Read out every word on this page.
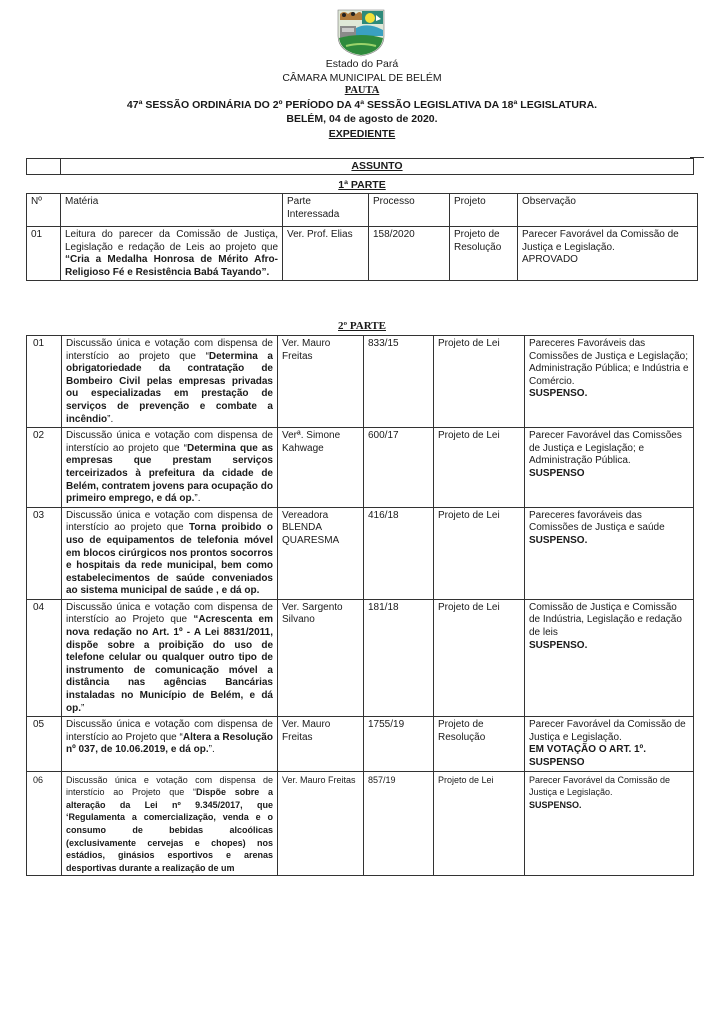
Estado do Pará
CÂMARA MUNICIPAL DE BELÉM
PAUTA
47ª SESSÃO ORDINÁRIA DO 2º PERÍODO DA 4ª SESSÃO LEGISLATIVA DA 18ª LEGISLATURA.
BELÉM, 04 de agosto de 2020.
EXPEDIENTE
	ASSUNTO
1ª PARTE
Nº	Matéria	Parte Interessada	Processo	Projeto	Observação
01	Leitura do parecer da Comissão de Justiça, Legislação e redação de Leis ao projeto que “Cria a Medalha Honrosa de Mérito Afro-Religioso Fé e Resistência Babá Tayando”.	Ver. Prof. Elias	158/2020	Projeto de Resolução	Parecer Favorável da Comissão de Justiça e Legislação.
APROVADO
2º PARTE
01	Discussão única e votação com dispensa de interstício ao projeto que “Determina a obrigatoriedade da contratação de Bombeiro Civil pelas empresas privadas ou especializadas em prestação de serviços de prevenção e combate a incêndio”.	Ver. Mauro Freitas	833/15	Projeto de Lei	Pareceres Favoráveis das Comissões de Justiça e Legislação; Administração Pública; e Indústria e Comércio.
SUSPENSO.
02	Discussão única e votação com dispensa de interstício ao projeto que “Determina que as empresas que prestam serviços terceirizados à prefeitura da cidade de Belém, contratem jovens para ocupação do primeiro emprego, e dá op.”.	Verª. Simone Kahwage	600/17	Projeto de Lei	Parecer Favorável das Comissões de Justiça e Legislação; e Administração Pública.
SUSPENSO
03	Discussão única e votação com dispensa de interstício ao projeto que Torna proibido o uso de equipamentos de telefonia móvel em blocos cirúrgicos nos prontos socorros e hospitais da rede municipal, bem como estabelecimentos de saúde conveniados ao sistema municipal de saúde , e dá op.	Vereadora BLENDA QUARESMA	416/18	Projeto de Lei	Pareceres favoráveis das Comissões de Justiça e saúde
SUSPENSO.
04	Discussão única e votação com dispensa de interstício ao Projeto que “Acrescenta em nova redação no Art. 1º - A Lei 8831/2011, dispõe sobre a proibição do uso de telefone celular ou qualquer outro tipo de instrumento de comunicação móvel a distância nas agências Bancárias instaladas no Município de Belém, e dá op.”	Ver. Sargento Silvano	181/18	Projeto de Lei	Comissão de Justiça e Comissão de Indústria, Legislação e redação de leis
SUSPENSO.
05	Discussão única e votação com dispensa de interstício ao Projeto que “Altera a Resolução nº 037, de 10.06.2019, e dá op.”.	Ver. Mauro Freitas	1755/19	Projeto de Resolução	Parecer Favorável da Comissão de Justiça e Legislação.
EM VOTAÇÃO O ART. 1º.
SUSPENSO
06	Discussão única e votação com dispensa de interstício ao Projeto que “Dispõe sobre a alteração da Lei nº 9.345/2017, que ‘Regulamenta a comercialização, venda e o consumo de bebidas alcoólicas (exclusivamente cervejas e chopes) nos estádios, ginásios esportivos e arenas desportivas durante a realização de um	Ver. Mauro Freitas	857/19	Projeto de Lei	Parecer Favorável da Comissão de Justiça e Legislação.
SUSPENSO.
